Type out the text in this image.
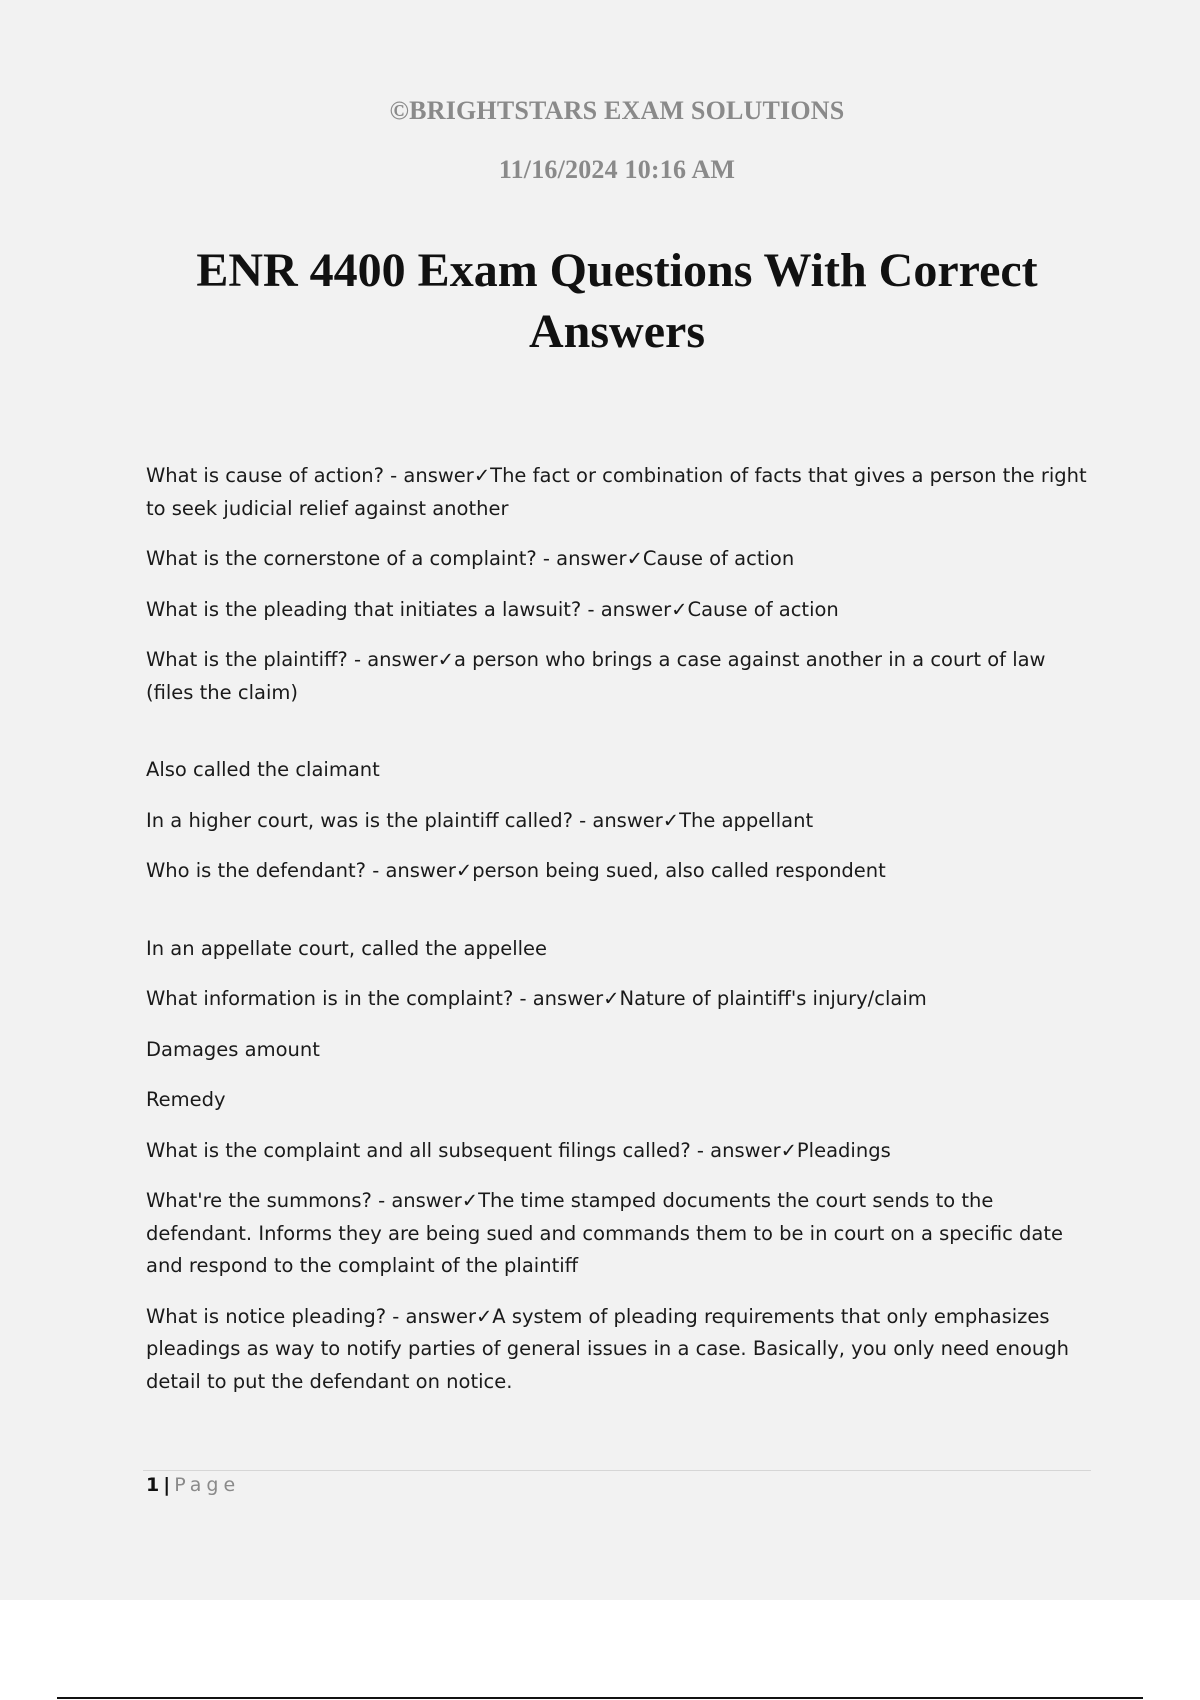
©BRIGHTSTARS EXAM SOLUTIONS
11/16/2024 10:16 AM
ENR 4400 Exam Questions With Correct Answers

What is cause of action? - answer✓The fact or combination of facts that gives a person the right to seek judicial relief against another

What is the cornerstone of a complaint? - answer✓Cause of action

What is the pleading that initiates a lawsuit? - answer✓Cause of action

What is the plaintiff? - answer✓a person who brings a case against another in a court of law (files the claim)

Also called the claimant

In a higher court, was is the plaintiff called? - answer✓The appellant

Who is the defendant? - answer✓person being sued, also called respondent

In an appellate court, called the appellee

What information is in the complaint? - answer✓Nature of plaintiff's injury/claim

Damages amount

Remedy

What is the complaint and all subsequent filings called? - answer✓Pleadings

What're the summons? - answer✓The time stamped documents the court sends to the defendant. Informs they are being sued and commands them to be in court on a specific date and respond to the complaint of the plaintiff

What is notice pleading? - answer✓A system of pleading requirements that only emphasizes pleadings as way to notify parties of general issues in a case. Basically, you only need enough detail to put the defendant on notice.

1 | Page
